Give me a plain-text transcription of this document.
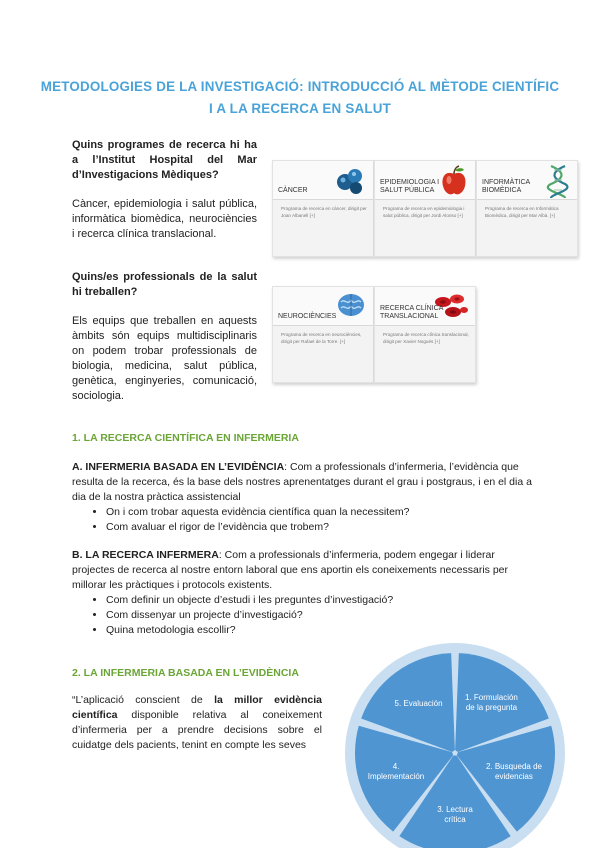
METODOLOGIES DE LA INVESTIGACIÓ: INTRODUCCIÓ AL MÈTODE CIENTÍFIC
I A LA RECERCA EN SALUT

Quins programes de recerca hi ha a l’Institut Hospital del Mar d’Investigacions Mèdiques?

Càncer, epidemiologia i salut pública, informàtica biomèdica, neurociències i recerca clínica translacional.

Quins/es professionals de la salut hi treballen?

Els equips que treballen en aquests àmbits són equips multidisciplinaris on podem trobar professionals de biologia, medicina, salut pública, genètica, enginyeries, comunicació, sociologia.

CÀNCER
Programa de recerca en càncer, dirigit per Joan Albanell [+]
EPIDEMIOLOGIA I SALUT PÚBLICA
Programa de recerca en epidemiologia i salut pública, dirigit per Jordi Alonso [+]
INFORMÀTICA BIOMÈDICA
Programa de recerca en Informàtica Biomèdica, dirigit per Mar Albà. [+]
NEUROCIÈNCIES
Programa de recerca en neurociències, dirigit per Rafael de la Torre. [+]
RECERCA CLÍNICA TRANSLACIONAL
Programa de recerca clínica translacional, dirigit per Xavier Nogués [+]
1. LA RECERCA CIENTÍFICA EN INFERMERIA

A. INFERMERIA BASADA EN L’EVIDÈNCIA: Com a professionals d’infermeria, l’evidència que resulta de la recerca, és la base dels nostres aprenentatges durant el grau i postgraus, i en el dia a dia de la nostra pràctica assistencial

• On i com trobar aquesta evidència científica quan la necessitem?
• Com avaluar el rigor de l’evidència que trobem?

B. LA RECERCA INFERMERA: Com a professionals d’infermeria, podem engegar i liderar projectes de recerca al nostre entorn laboral que ens aportin els coneixements necessaris per millorar les pràctiques i protocols existents.

• Com definir un objecte d’estudi i les preguntes d’investigació?
• Com dissenyar un projecte d’investigació?
• Quina metodologia escollir?
2. LA INFERMERIA BASADA EN L’EVIDÈNCIA

“L’aplicació conscient de la millor evidència científica disponible relativa al coneixement d’infermeria per a prendre decisions sobre el cuidatge dels pacients, tenint en compte les seves

1. Formulación de la pregunta
2. Busqueda de evidencias
3. Lectura crítica
4. Implementación
5. Evaluación
